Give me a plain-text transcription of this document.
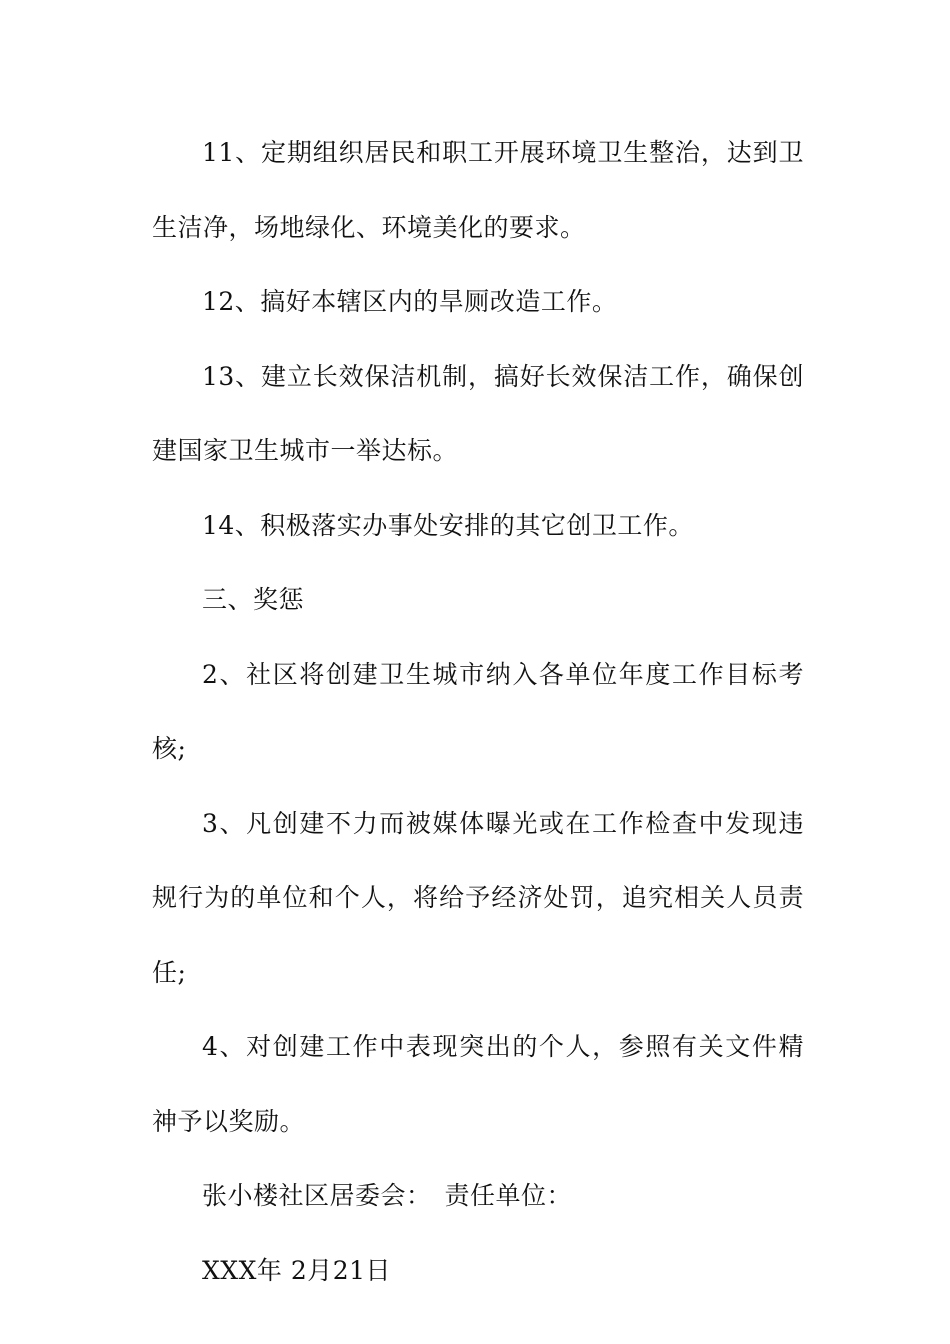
11、定期组织居民和职工开展环境卫生整治，达到卫生洁净，场地绿化、环境美化的要求。

12、搞好本辖区内的旱厕改造工作。

13、建立长效保洁机制，搞好长效保洁工作，确保创建国家卫生城市一举达标。

14、积极落实办事处安排的其它创卫工作。

三、奖惩

2、社区将创建卫生城市纳入各单位年度工作目标考核;

3、凡创建不力而被媒体曝光或在工作检查中发现违规行为的单位和个人，将给予经济处罚，追究相关人员责任;

4、对创建工作中表现突出的个人，参照有关文件精神予以奖励。

张小楼社区居委会：　责任单位：

XXX年 2月21日
